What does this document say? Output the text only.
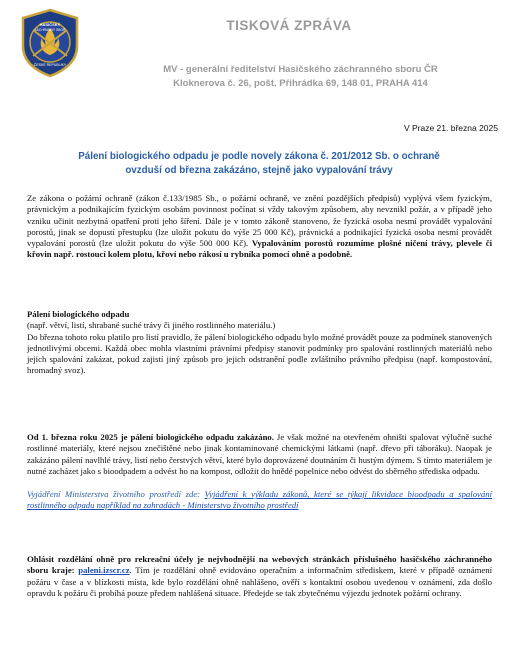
HASIČSKÝ
ZÁCHRANNÝ SBOR
ČESKÉ REPUBLIKY
TISKOVÁ ZPRÁVA
MV - generální ředitelství Hasičského záchranného sboru ČR
Kloknerova č. 26, pošt. Přihrádka 69, 148 01, PRAHA 414
V Praze 21. března 2025
Pálení biologického odpadu je podle novely zákona č. 201/2012 Sb. o ochraně
ovzduší od března zakázáno, stejně jako vypalování trávy

Ze zákona o požární ochraně (zákon č.133/1985 Sb., o požární ochraně, ve znění pozdějších předpisů) vyplývá všem fyzickým, právnickým a podnikajícím fyzickým osobám povinnost počínat si vždy takovým způsobem, aby nevznikl požár, a v případě jeho vzniku učinit nezbytná opatření proti jeho šíření. Dále je v tomto zákoně stanoveno, že fyzická osoba nesmí provádět vypalování porostů, jinak se dopustí přestupku (lze uložit pokutu do výše 25 000 Kč), právnická a podnikající fyzická osoba nesmí provádět vypalování porostů (lze uložit pokutu do výše 500 000 Kč). Vypalováním porostů rozumíme plošné ničení trávy, plevele či křovin např. rostoucí kolem plotu, křoví nebo rákosí u rybníka pomocí ohně a podobně.

Pálení biologického odpadu

(např. větví, listí, shrabané suché trávy či jiného rostlinného materiálu.)

Do března tohoto roku platilo pro listí pravidlo, že pálení biologického odpadu bylo možné provádět pouze za podmínek stanovených jednotlivými obcemi. Každá obec mohla vlastními právními předpisy stanovit podmínky pro spalování rostlinných materiálů nebo jejich spalování zakázat, pokud zajistí jiný způsob pro jejich odstranění podle zvláštního právního předpisu (např. kompostování, hromadný svoz).

Od 1. března roku 2025 je pálení biologického odpadu zakázáno. Je však možné na otevřeném ohništi spalovat výlučně suché rostlinné materiály, které nejsou znečištěné nebo jinak kontaminované chemickými látkami (např. dřevo při táboráku). Naopak je zakázáno pálení navlhlé trávy, listí nebo čerstvých větví, které bylo doprovázené doutnáním či hustým dýmem. S tímto materiálem je nutné zacházet jako s bioodpadem a odvést ho na kompost, odložit do hnědé popelnice nebo odvést do sběrného střediska odpadu.

Vyjádření Ministerstva životního prostředí zde: Vyjádření k výkladu zákonů, které se týkají likvidace bioodpadu a spalování rostlinného odpadu například na zahradách - Ministerstvo životního prostředí

Ohlásit rozdělání ohně pro rekreační účely je nejvhodnější na webových stránkách příslušného hasičského záchranného sboru kraje: paleni.izscr.cz. Tím je rozdělání ohně evidováno operačním a informačním střediskem, které v případě oznámení požáru v čase a v blízkosti místa, kde bylo rozdělání ohně nahlášeno, ověří s kontaktní osobou uvedenou v oznámení, zda došlo opravdu k požáru či probíhá pouze předem nahlášená situace. Předejde se tak zbytečnému výjezdu jednotek požární ochrany.
